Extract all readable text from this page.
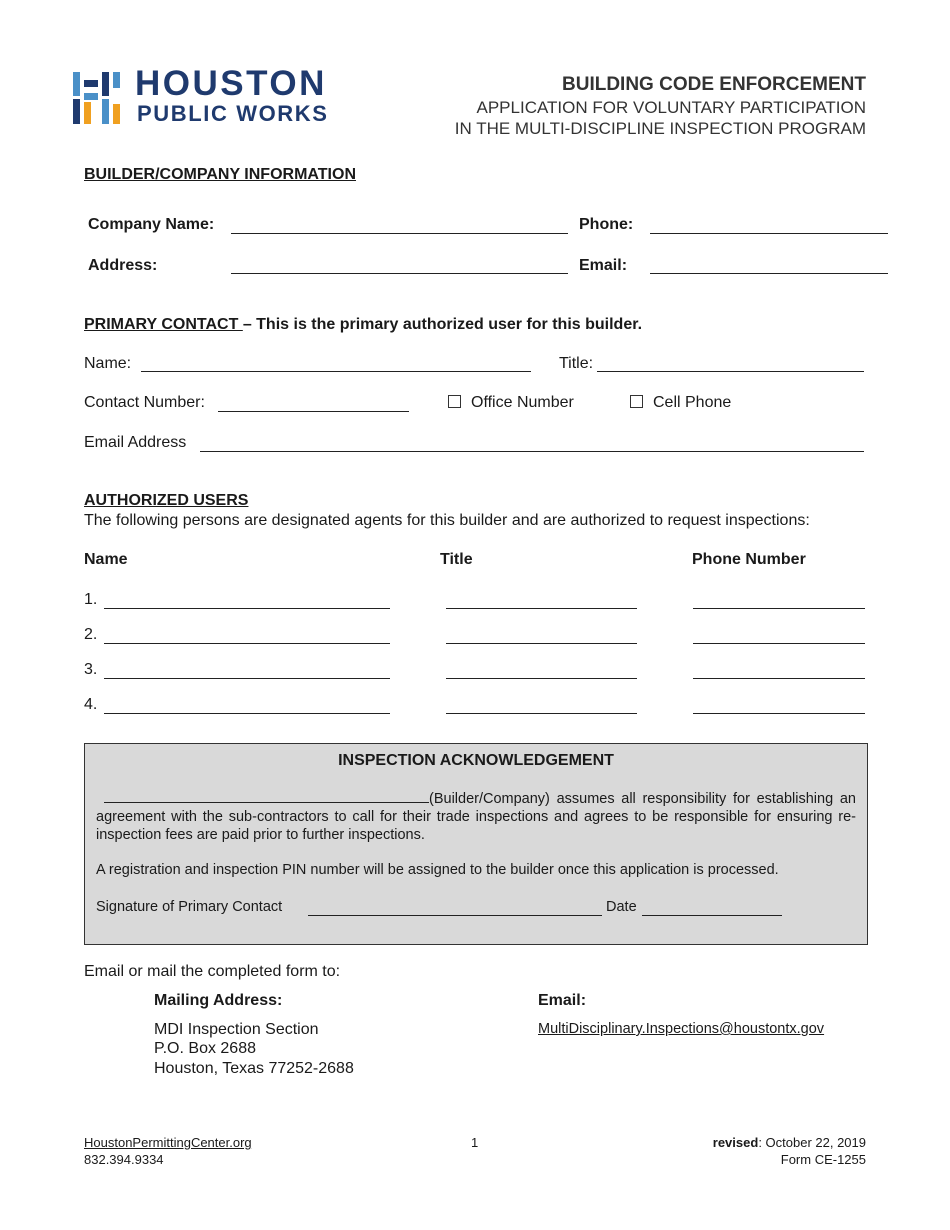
HOUSTON
PUBLIC WORKS
BUILDING CODE ENFORCEMENT
APPLICATION FOR VOLUNTARY PARTICIPATION
IN THE MULTI-DISCIPLINE INSPECTION PROGRAM
BUILDER/COMPANY INFORMATION
Company Name:	Phone:
Address:	Email:
PRIMARY CONTACT – This is the primary authorized user for this builder.
Name:	Title:
Contact Number:	Office Number	Cell Phone
Email Address
AUTHORIZED USERS
The following persons are designated agents for this builder and are authorized to request inspections:
Name	Title	Phone Number
1.
2.
3.
4.
INSPECTION ACKNOWLEDGEMENT
(Builder/Company) assumes all responsibility for establishing an agreement with the sub-contractors to call for their trade inspections and agrees to be responsible for ensuring re-inspection fees are paid prior to further inspections.
A registration and inspection PIN number will be assigned to the builder once this application is processed.
Signature of Primary Contact	Date
Email or mail the completed form to:
Mailing Address:
MDI Inspection Section
P.O. Box 2688
Houston, Texas 77252-2688
Email:
MultiDisciplinary.Inspections@houstontx.gov
HoustonPermittingCenter.org
832.394.9334
1	revised: October 22, 2019
Form CE-1255
